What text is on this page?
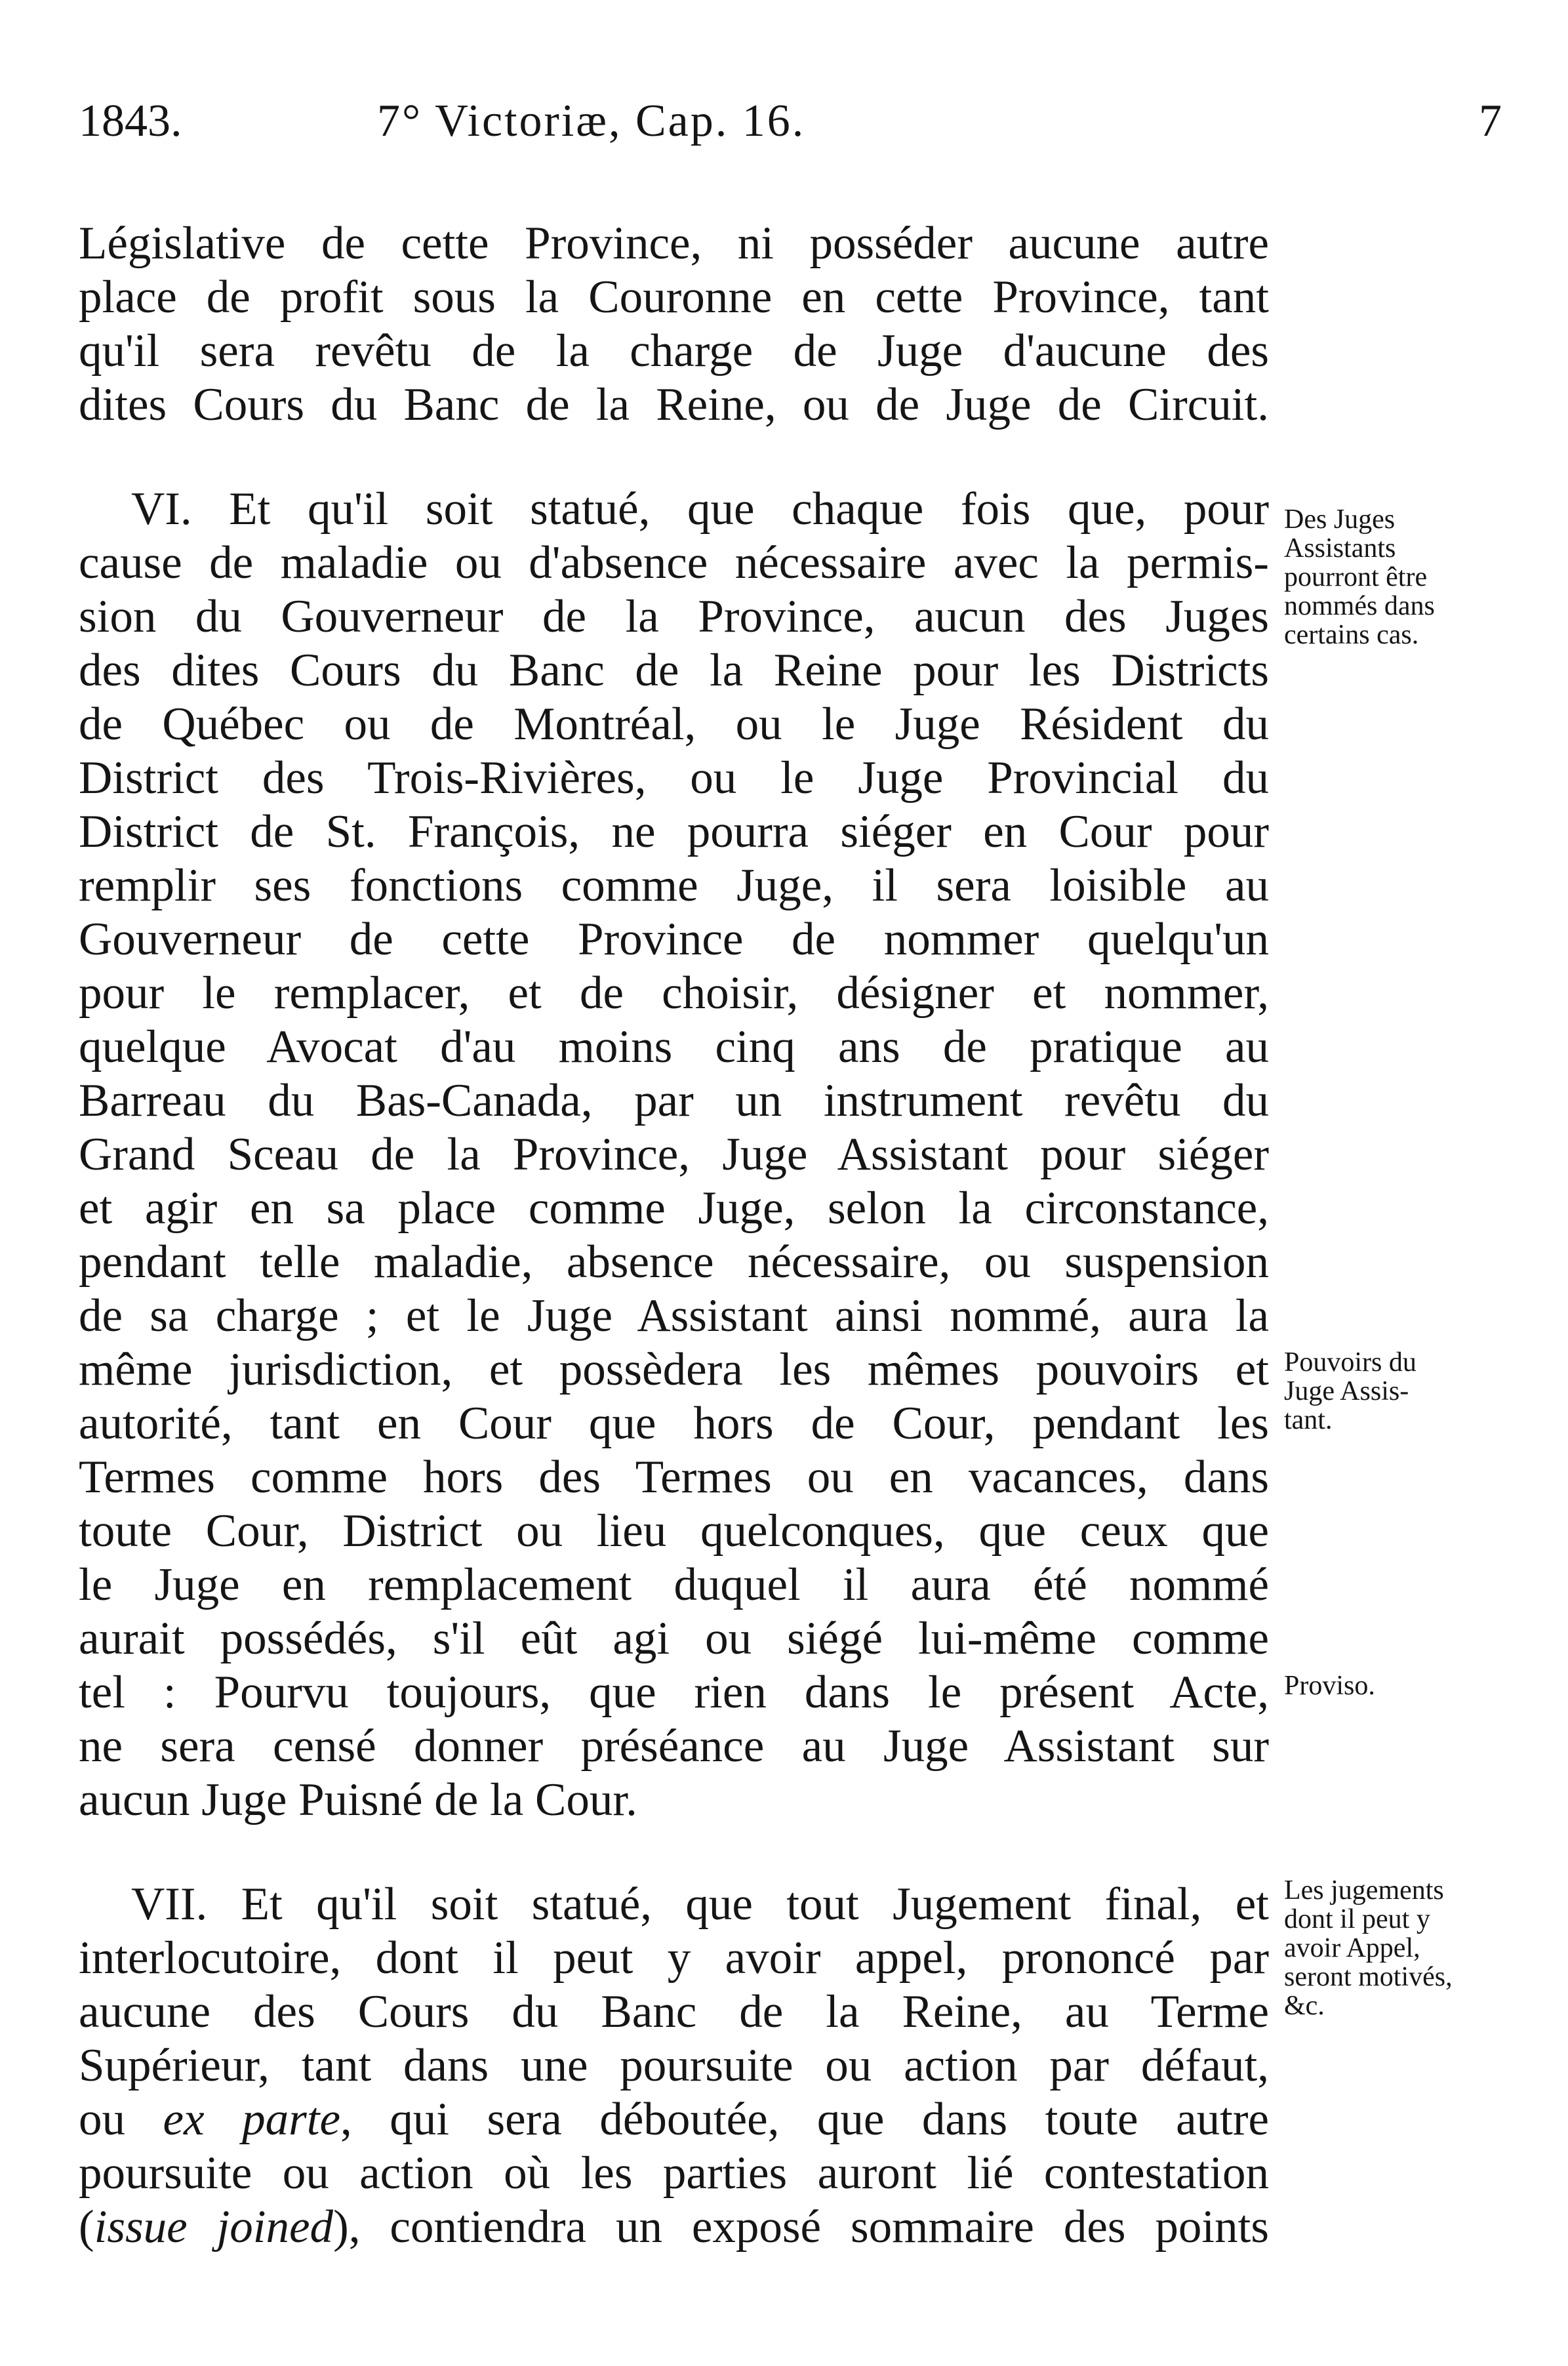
1843.	7° Victoriæ, Cap. 16.	7
Législative de cette Province, ni posséder aucune autre
place de profit sous la Couronne en cette Province, tant
qu'il sera revêtu de la charge de Juge d'aucune des
dites Cours du Banc de la Reine, ou de Juge de Circuit.
VI. Et qu'il soit statué, que chaque fois que, pour
cause de maladie ou d'absence nécessaire avec la permis-
sion du Gouverneur de la Province, aucun des Juges
des dites Cours du Banc de la Reine pour les Districts
de Québec ou de Montréal, ou le Juge Résident du
District des Trois-Rivières, ou le Juge Provincial du
District de St. François, ne pourra siéger en Cour pour
remplir ses fonctions comme Juge, il sera loisible au
Gouverneur de cette Province de nommer quelqu'un
pour le remplacer, et de choisir, désigner et nommer,
quelque Avocat d'au moins cinq ans de pratique au
Barreau du Bas-Canada, par un instrument revêtu du
Grand Sceau de la Province, Juge Assistant pour siéger
et agir en sa place comme Juge, selon la circonstance,
pendant telle maladie, absence nécessaire, ou suspension
de sa charge ; et le Juge Assistant ainsi nommé, aura la
même jurisdiction, et possèdera les mêmes pouvoirs et
autorité, tant en Cour que hors de Cour, pendant les
Termes comme hors des Termes ou en vacances, dans
toute Cour, District ou lieu quelconques, que ceux que
le Juge en remplacement duquel il aura été nommé
aurait possédés, s'il eût agi ou siégé lui-même comme
tel : Pourvu toujours, que rien dans le présent Acte,
ne sera censé donner préséance au Juge Assistant sur
aucun Juge Puisné de la Cour.
VII. Et qu'il soit statué, que tout Jugement final, et
interlocutoire, dont il peut y avoir appel, prononcé par
aucune des Cours du Banc de la Reine, au Terme
Supérieur, tant dans une poursuite ou action par défaut,
ou ex parte, qui sera déboutée, que dans toute autre
poursuite ou action où les parties auront lié contestation
(issue joined), contiendra un exposé sommaire des points
Des Juges
Assistants
pourront être
nommés dans
certains cas.
Pouvoirs du
Juge Assis-
tant.
Proviso.
Les jugements
dont il peut y
avoir Appel,
seront motivés,
&c.
